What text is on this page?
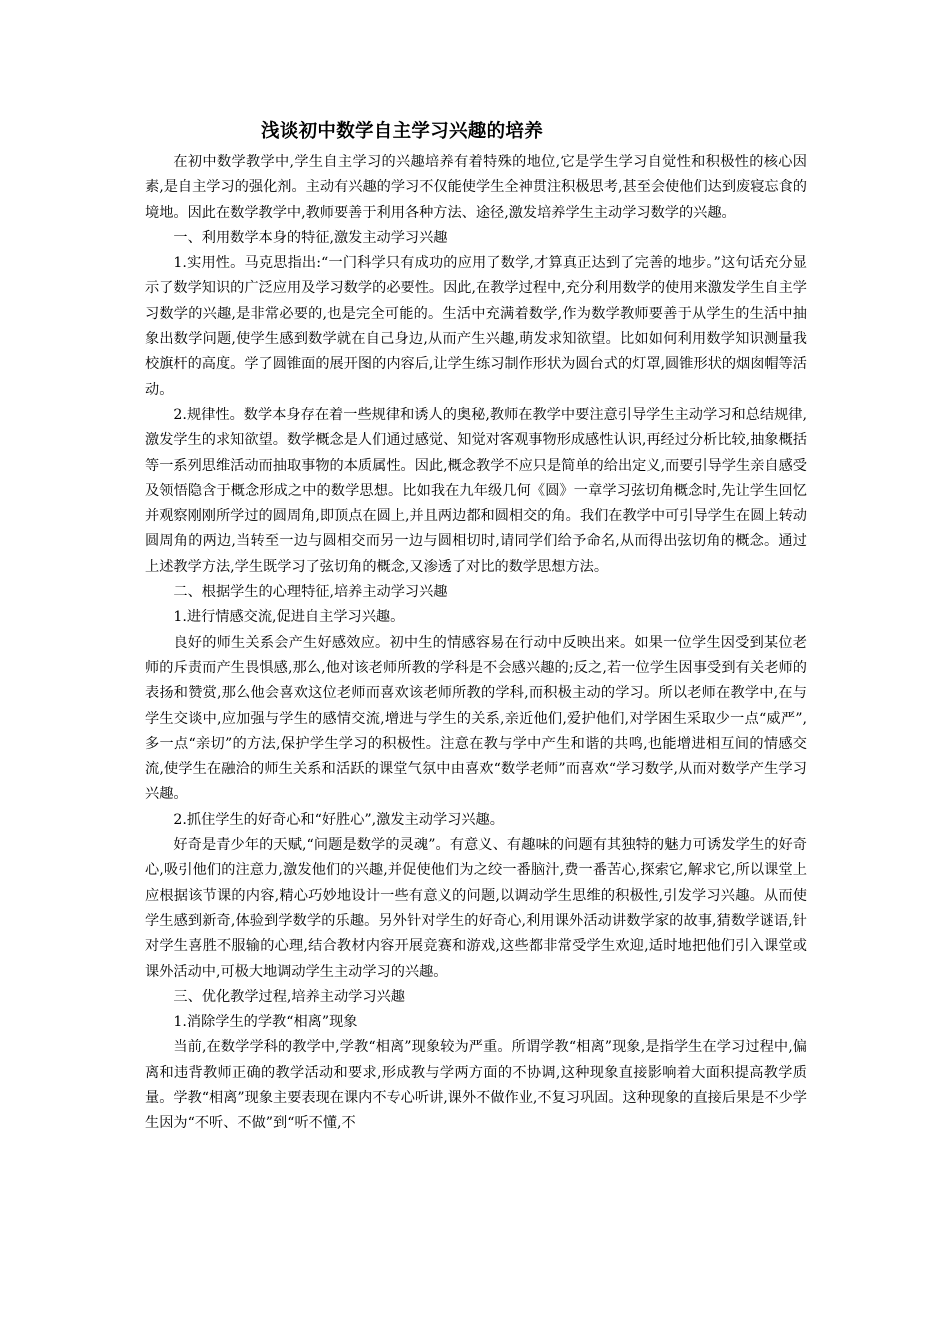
浅谈初中数学自主学习兴趣的培养

在初中数学教学中,学生自主学习的兴趣培养有着特殊的地位,它是学生学习自觉性和积极性的核心因素,是自主学习的强化剂。主动有兴趣的学习不仅能使学生全神贯注积极思考,甚至会使他们达到废寝忘食的境地。因此在数学教学中,教师要善于利用各种方法、途径,激发培养学生主动学习数学的兴趣。

一、利用数学本身的特征,激发主动学习兴趣

1.实用性。马克思指出:“一门科学只有成功的应用了数学,才算真正达到了完善的地步。”这句话充分显示了数学知识的广泛应用及学习数学的必要性。因此,在教学过程中,充分利用数学的使用来激发学生自主学习数学的兴趣,是非常必要的,也是完全可能的。生活中充满着数学,作为数学教师要善于从学生的生活中抽象出数学问题,使学生感到数学就在自己身边,从而产生兴趣,萌发求知欲望。比如如何利用数学知识测量我校旗杆的高度。学了圆锥面的展开图的内容后,让学生练习制作形状为圆台式的灯罩,圆锥形状的烟囱帽等活动。

2.规律性。数学本身存在着一些规律和诱人的奥秘,教师在教学中要注意引导学生主动学习和总结规律,激发学生的求知欲望。数学概念是人们通过感觉、知觉对客观事物形成感性认识,再经过分析比较,抽象概括等一系列思维活动而抽取事物的本质属性。因此,概念教学不应只是简单的给出定义,而要引导学生亲自感受及领悟隐含于概念形成之中的数学思想。比如我在九年级几何《圆》一章学习弦切角概念时,先让学生回忆并观察刚刚所学过的圆周角,即顶点在圆上,并且两边都和圆相交的角。我们在教学中可引导学生在圆上转动圆周角的两边,当转至一边与圆相交而另一边与圆相切时,请同学们给予命名,从而得出弦切角的概念。通过上述教学方法,学生既学习了弦切角的概念,又渗透了对比的数学思想方法。

二、根据学生的心理特征,培养主动学习兴趣

1.进行情感交流,促进自主学习兴趣。

良好的师生关系会产生好感效应。初中生的情感容易在行动中反映出来。如果一位学生因受到某位老师的斥责而产生畏惧感,那么,他对该老师所教的学科是不会感兴趣的;反之,若一位学生因事受到有关老师的表扬和赞赏,那么他会喜欢这位老师而喜欢该老师所教的学科,而积极主动的学习。所以老师在教学中,在与学生交谈中,应加强与学生的感情交流,增进与学生的关系,亲近他们,爱护他们,对学困生采取少一点“威严”,多一点“亲切”的方法,保护学生学习的积极性。注意在教与学中产生和谐的共鸣,也能增进相互间的情感交流,使学生在融洽的师生关系和活跃的课堂气氛中由喜欢“数学老师”而喜欢“学习数学,从而对数学产生学习兴趣。

2.抓住学生的好奇心和“好胜心”,激发主动学习兴趣。

好奇是青少年的天赋,“问题是数学的灵魂”。有意义、有趣味的问题有其独特的魅力可诱发学生的好奇心,吸引他们的注意力,激发他们的兴趣,并促使他们为之绞一番脑汁,费一番苦心,探索它,解求它,所以课堂上应根据该节课的内容,精心巧妙地设计一些有意义的问题,以调动学生思维的积极性,引发学习兴趣。从而使学生感到新奇,体验到学数学的乐趣。另外针对学生的好奇心,利用课外活动讲数学家的故事,猜数学谜语,针对学生喜胜不服输的心理,结合教材内容开展竞赛和游戏,这些都非常受学生欢迎,适时地把他们引入课堂或课外活动中,可极大地调动学生主动学习的兴趣。

三、优化教学过程,培养主动学习兴趣

1.消除学生的学教“相离”现象

当前,在数学学科的教学中,学教“相离”现象较为严重。所谓学教“相离”现象,是指学生在学习过程中,偏离和违背教师正确的教学活动和要求,形成教与学两方面的不协调,这种现象直接影响着大面积提高教学质量。学教“相离”现象主要表现在课内不专心听讲,课外不做作业,不复习巩固。这种现象的直接后果是不少学生因为“不听、不做”到“听不懂,不
